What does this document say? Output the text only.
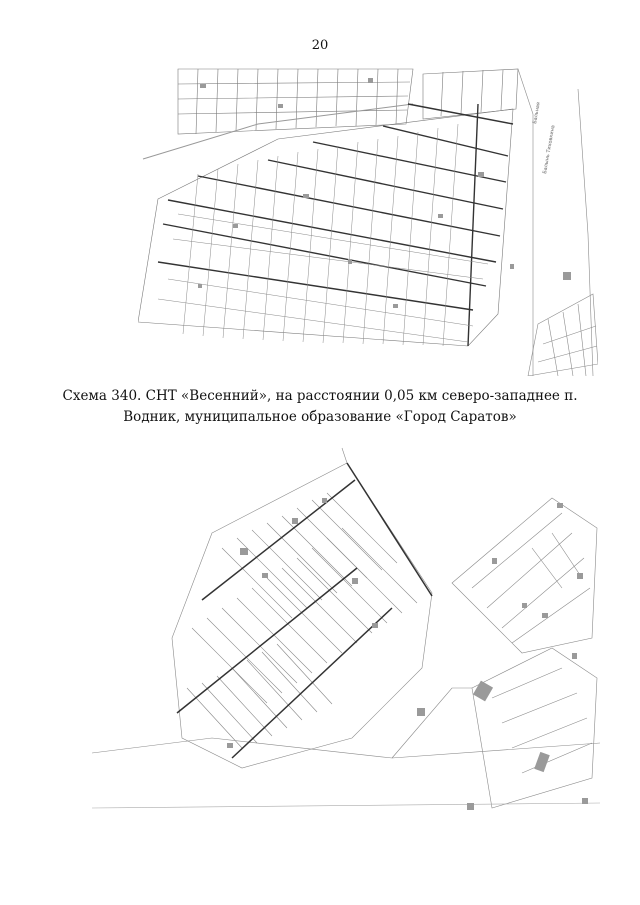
20
Бальная
Балынь Тиховкина
Схема 340. СНТ «Весенний», на расстоянии 0,05 км северо-западнее п.
Водник, муниципальное образование «Город Саратов»
